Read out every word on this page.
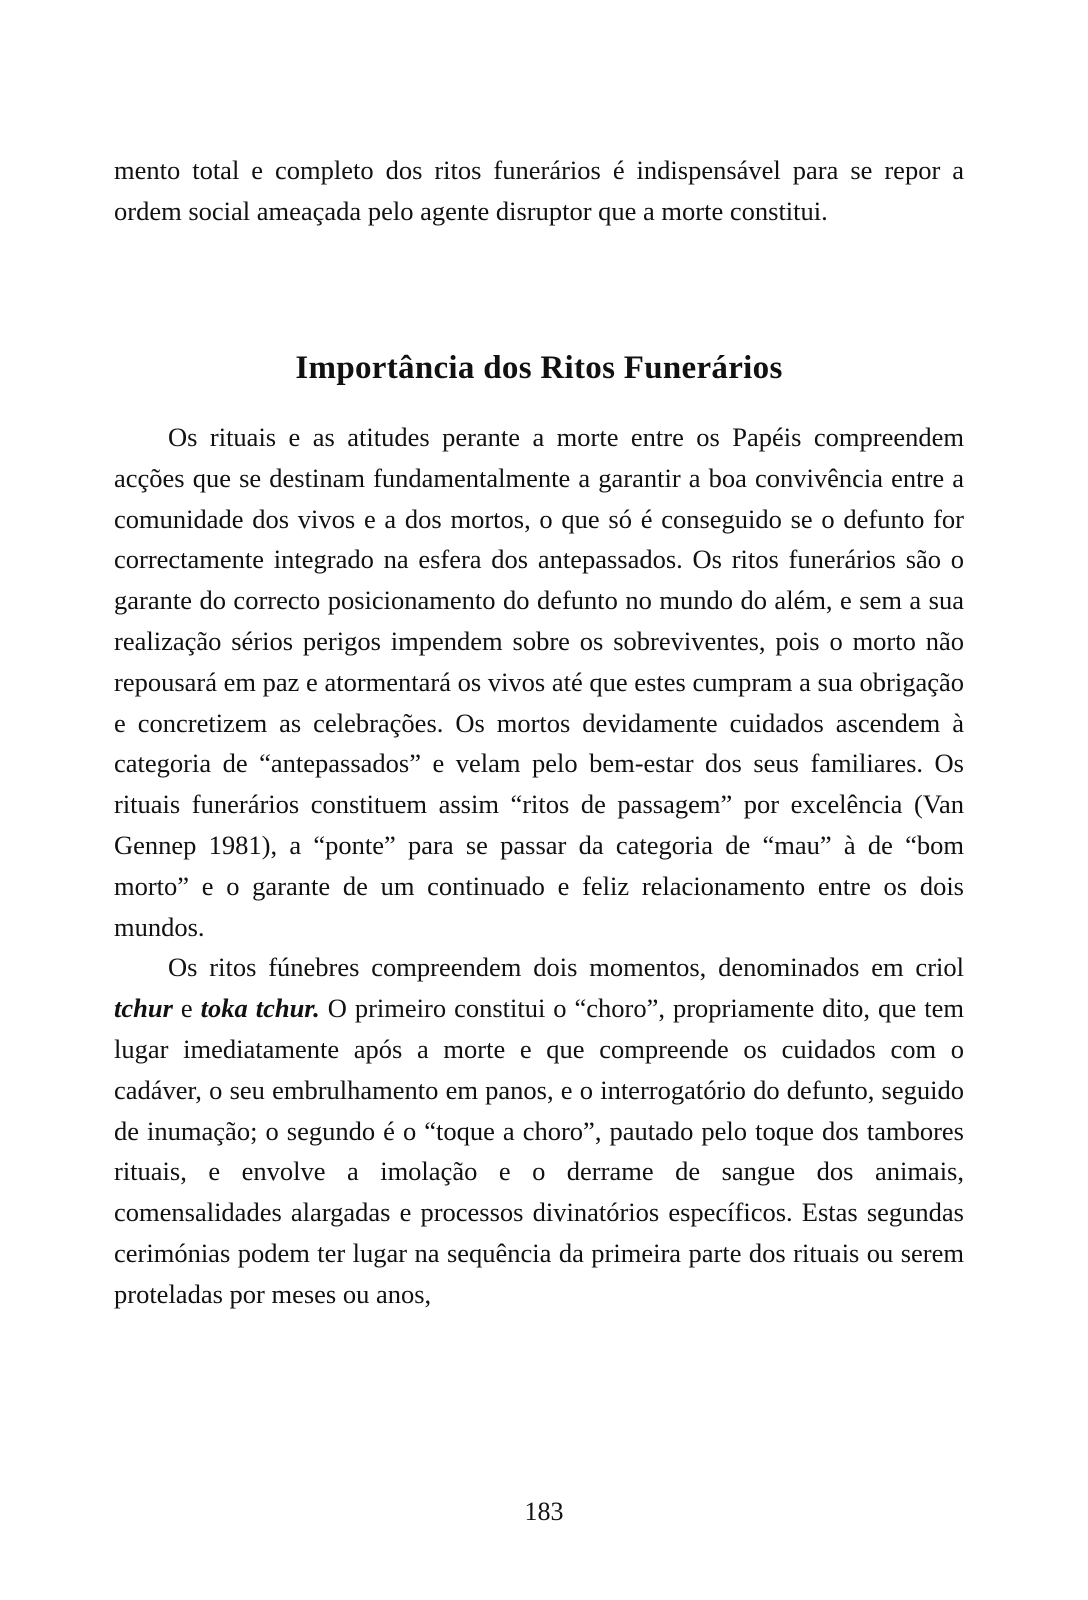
mento total e completo dos ritos funerários é indispensável para se repor a ordem social ameaçada pelo agente disruptor que a morte constitui.

Importância dos Ritos Funerários

Os rituais e as atitudes perante a morte entre os Papéis compreendem acções que se destinam fundamentalmente a garantir a boa convivência entre a comunidade dos vivos e a dos mortos, o que só é conseguido se o defunto for correctamente integrado na esfera dos antepassados. Os ritos funerários são o garante do correcto posicionamento do defunto no mundo do além, e sem a sua realização sérios perigos impendem sobre os sobreviventes, pois o morto não repousará em paz e atormentará os vivos até que estes cumpram a sua obrigação e concretizem as celebrações. Os mortos devidamente cuidados ascendem à categoria de “antepassados” e velam pelo bem-estar dos seus familiares. Os rituais funerários constituem assim “ritos de passagem” por excelência (Van Gennep 1981), a “ponte” para se passar da categoria de “mau” à de “bom morto” e o garante de um continuado e feliz relacionamento entre os dois mundos.

Os ritos fúnebres compreendem dois momentos, denominados em criol tchur e toka tchur. O primeiro constitui o “choro”, propriamente dito, que tem lugar imediatamente após a morte e que compreende os cuidados com o cadáver, o seu embrulhamento em panos, e o interrogatório do defunto, seguido de inumação; o segundo é o “toque a choro”, pautado pelo toque dos tambores rituais, e envolve a imolação e o derrame de sangue dos animais, comensalidades alargadas e processos divinatórios específicos. Estas segundas cerimónias podem ter lugar na sequência da primeira parte dos rituais ou serem proteladas por meses ou anos,

183
